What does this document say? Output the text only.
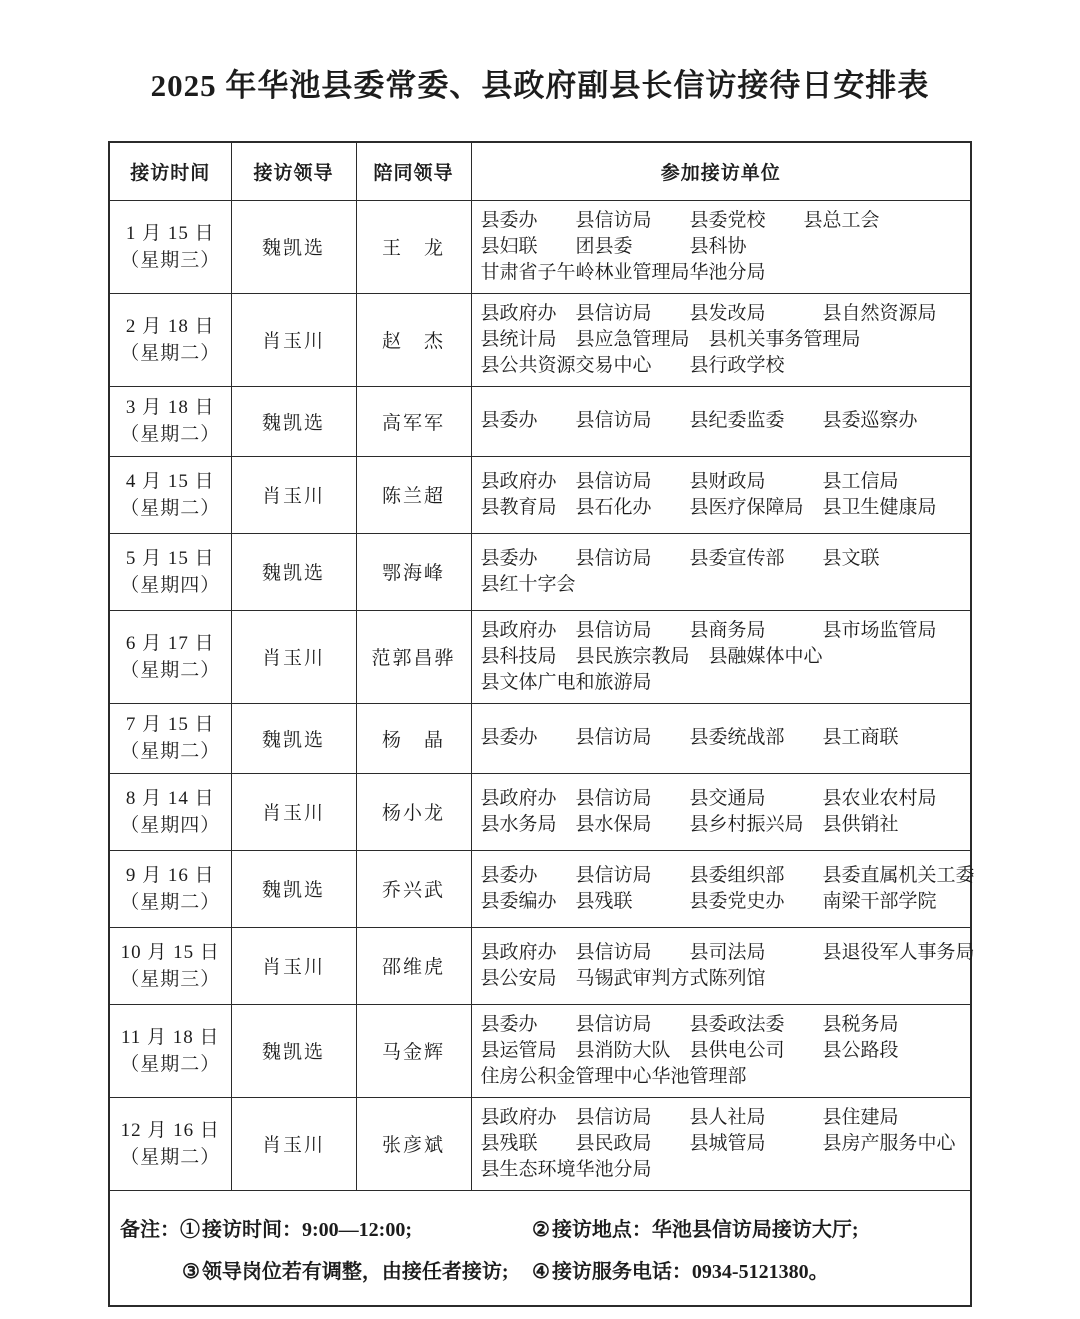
2025 年华池县委常委、县政府副县长信访接待日安排表
接访时间	接访领导	陪同领导	参加接访单位

1 月 15 日
（星期三）
	魏凯选	王　龙	
县委办　　县信访局　　县委党校　　县总工会
县妇联　　团县委　　　县科协
甘肃省子午岭林业管理局华池分局

2 月 18 日
（星期二）
	肖玉川	赵　杰	
县政府办　县信访局　　县发改局　　　县自然资源局
县统计局　县应急管理局　县机关事务管理局
县公共资源交易中心　　县行政学校

3 月 18 日
（星期二）	魏凯选	高军军	县委办　　县信访局　　县纪委监委　　县委巡察办

4 月 15 日
（星期二）
	肖玉川	陈兰超	
县政府办　县信访局　　县财政局　　　县工信局
县教育局　县石化办　　县医疗保障局　县卫生健康局

5 月 15 日
（星期四）
	魏凯选	鄂海峰	
县委办　　县信访局　　县委宣传部　　县文联
县红十字会

6 月 17 日
（星期二）
	肖玉川	范郭昌骅	
县政府办　县信访局　　县商务局　　　县市场监管局
县科技局　县民族宗教局　县融媒体中心
县文体广电和旅游局

7 月 15 日
（星期二）	魏凯选	杨　晶	县委办　　县信访局　　县委统战部　　县工商联

8 月 14 日
（星期四）
	肖玉川	杨小龙	
县政府办　县信访局　　县交通局　　　县农业农村局
县水务局　县水保局　　县乡村振兴局　县供销社

9 月 16 日
（星期二）
	魏凯选	乔兴武	
县委办　　县信访局　　县委组织部　　县委直属机关工委
县委编办　县残联　　　县委党史办　　南梁干部学院

10 月 15 日
（星期三）
	肖玉川	邵维虎	
县政府办　县信访局　　县司法局　　　县退役军人事务局
县公安局　马锡武审判方式陈列馆

11 月 18 日
（星期二）
	魏凯选	马金辉	
县委办　　县信访局　　县委政法委　　县税务局
县运管局　县消防大队　县供电公司　　县公路段
住房公积金管理中心华池管理部

12 月 16 日
（星期二）
	肖玉川	张彦斌	
县政府办　县信访局　　县人社局　　　县住建局
县残联　　县民政局　　县城管局　　　县房产服务中心
县生态环境华池分局

备注：① 接访时间：9:00—12:00; ② 接访地点：华池县信访局接访大厅;
③ 领导岗位若有调整，由接任者接访; ④ 接访服务电话：0934-5121380。			
